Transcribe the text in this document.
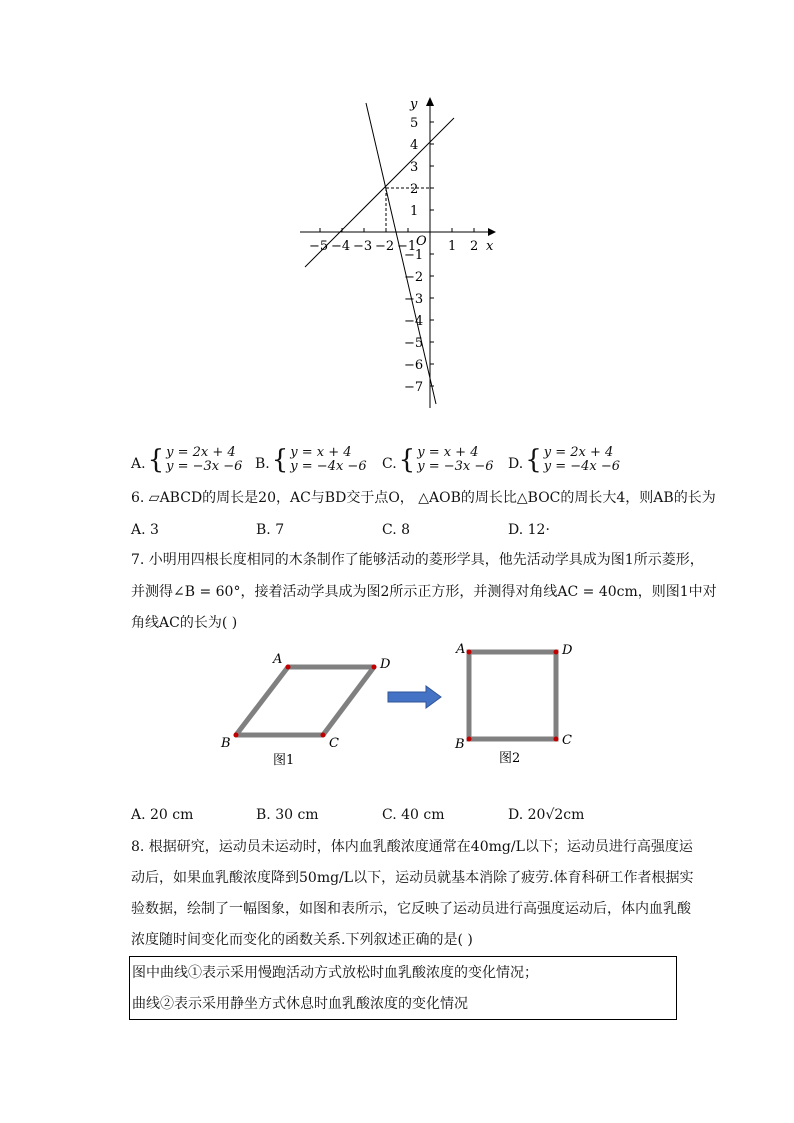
y
x
O
−5 −4 −3 −2 −1 1 2
5
4
3
2
1
−1
−2
−3
−4
−5
−6
−7
A. { y = 2x + 4
y = −3x −6 B. { y = x + 4
y = −4x −6 C. { y = x + 4
y = −3x −6 D. { y = 2x + 4
y = −4x −6
6. ▱ABCD的周长是20，AC与BD交于点O， △AOB的周长比△BOC的周长大4，则AB的长为
A. 3	B. 7	C. 8	D. 12·
7. 小明用四根长度相同的木条制作了能够活动的菱形学具，他先活动学具成为图1所示菱形，
并测得∠B = 60°，接着活动学具成为图2所示正方形，并测得对角线AC = 40cm，则图1中对
角线AC的长为( )
A	D
B	C
图1
A	D
B	C
图2
A. 20 cm	B. 30 cm	C. 40 cm	D. 20√2cm
8. 根据研究，运动员未运动时，体内血乳酸浓度通常在40mg/L以下；运动员进行高强度运
动后，如果血乳酸浓度降到50mg/L以下，运动员就基本消除了疲劳.体育科研工作者根据实
验数据，绘制了一幅图象，如图和表所示，它反映了运动员进行高强度运动后，体内血乳酸
浓度随时间变化而变化的函数关系.下列叙述正确的是( )
图中曲线①表示采用慢跑活动方式放松时血乳酸浓度的变化情况；
曲线②表示采用静坐方式休息时血乳酸浓度的变化情况
